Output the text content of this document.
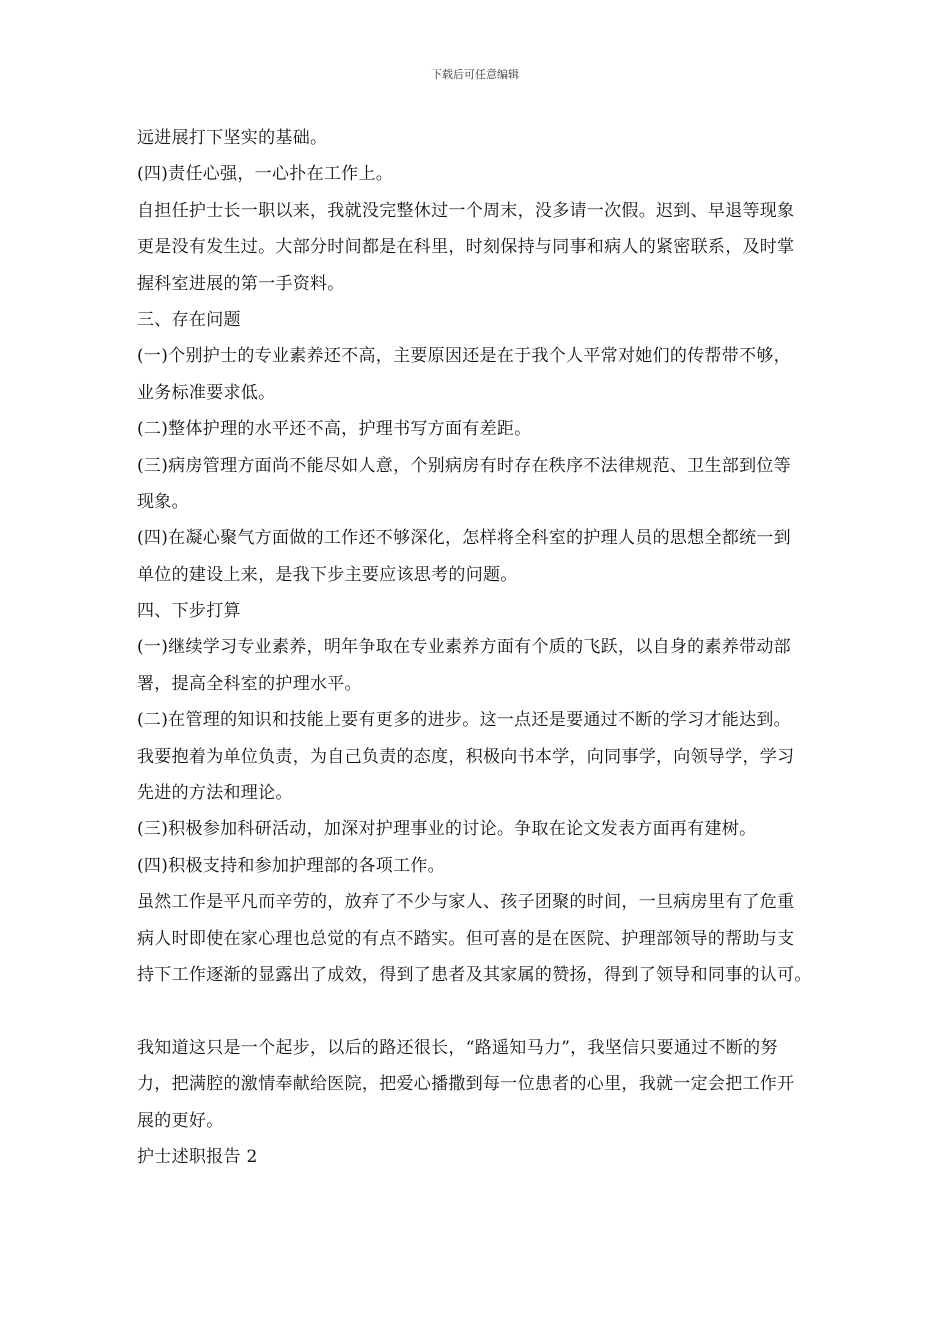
下载后可任意编辑
远进展打下坚实的基础。
(四)责任心强，一心扑在工作上。
自担任护士长一职以来，我就没完整休过一个周末，没多请一次假。迟到、早退等现象
更是没有发生过。大部分时间都是在科里，时刻保持与同事和病人的紧密联系，及时掌
握科室进展的第一手资料。
三、存在问题
(一)个别护士的专业素养还不高，主要原因还是在于我个人平常对她们的传帮带不够，
业务标准要求低。
(二)整体护理的水平还不高，护理书写方面有差距。
(三)病房管理方面尚不能尽如人意，个别病房有时存在秩序不法律规范、卫生部到位等
现象。
(四)在凝心聚气方面做的工作还不够深化，怎样将全科室的护理人员的思想全都统一到
单位的建设上来，是我下步主要应该思考的问题。
四、下步打算
(一)继续学习专业素养，明年争取在专业素养方面有个质的飞跃，以自身的素养带动部
署，提高全科室的护理水平。
(二)在管理的知识和技能上要有更多的进步。这一点还是要通过不断的学习才能达到。
我要抱着为单位负责，为自己负责的态度，积极向书本学，向同事学，向领导学，学习
先进的方法和理论。
(三)积极参加科研活动，加深对护理事业的讨论。争取在论文发表方面再有建树。
(四)积极支持和参加护理部的各项工作。
虽然工作是平凡而辛劳的，放弃了不少与家人、孩子团聚的时间，一旦病房里有了危重
病人时即使在家心理也总觉的有点不踏实。但可喜的是在医院、护理部领导的帮助与支
持下工作逐渐的显露出了成效，得到了患者及其家属的赞扬，得到了领导和同事的认可。
我知道这只是一个起步，以后的路还很长，“路遥知马力”，我坚信只要通过不断的努
力，把满腔的激情奉献给医院，把爱心播撒到每一位患者的心里，我就一定会把工作开
展的更好。
护士述职报告 2
